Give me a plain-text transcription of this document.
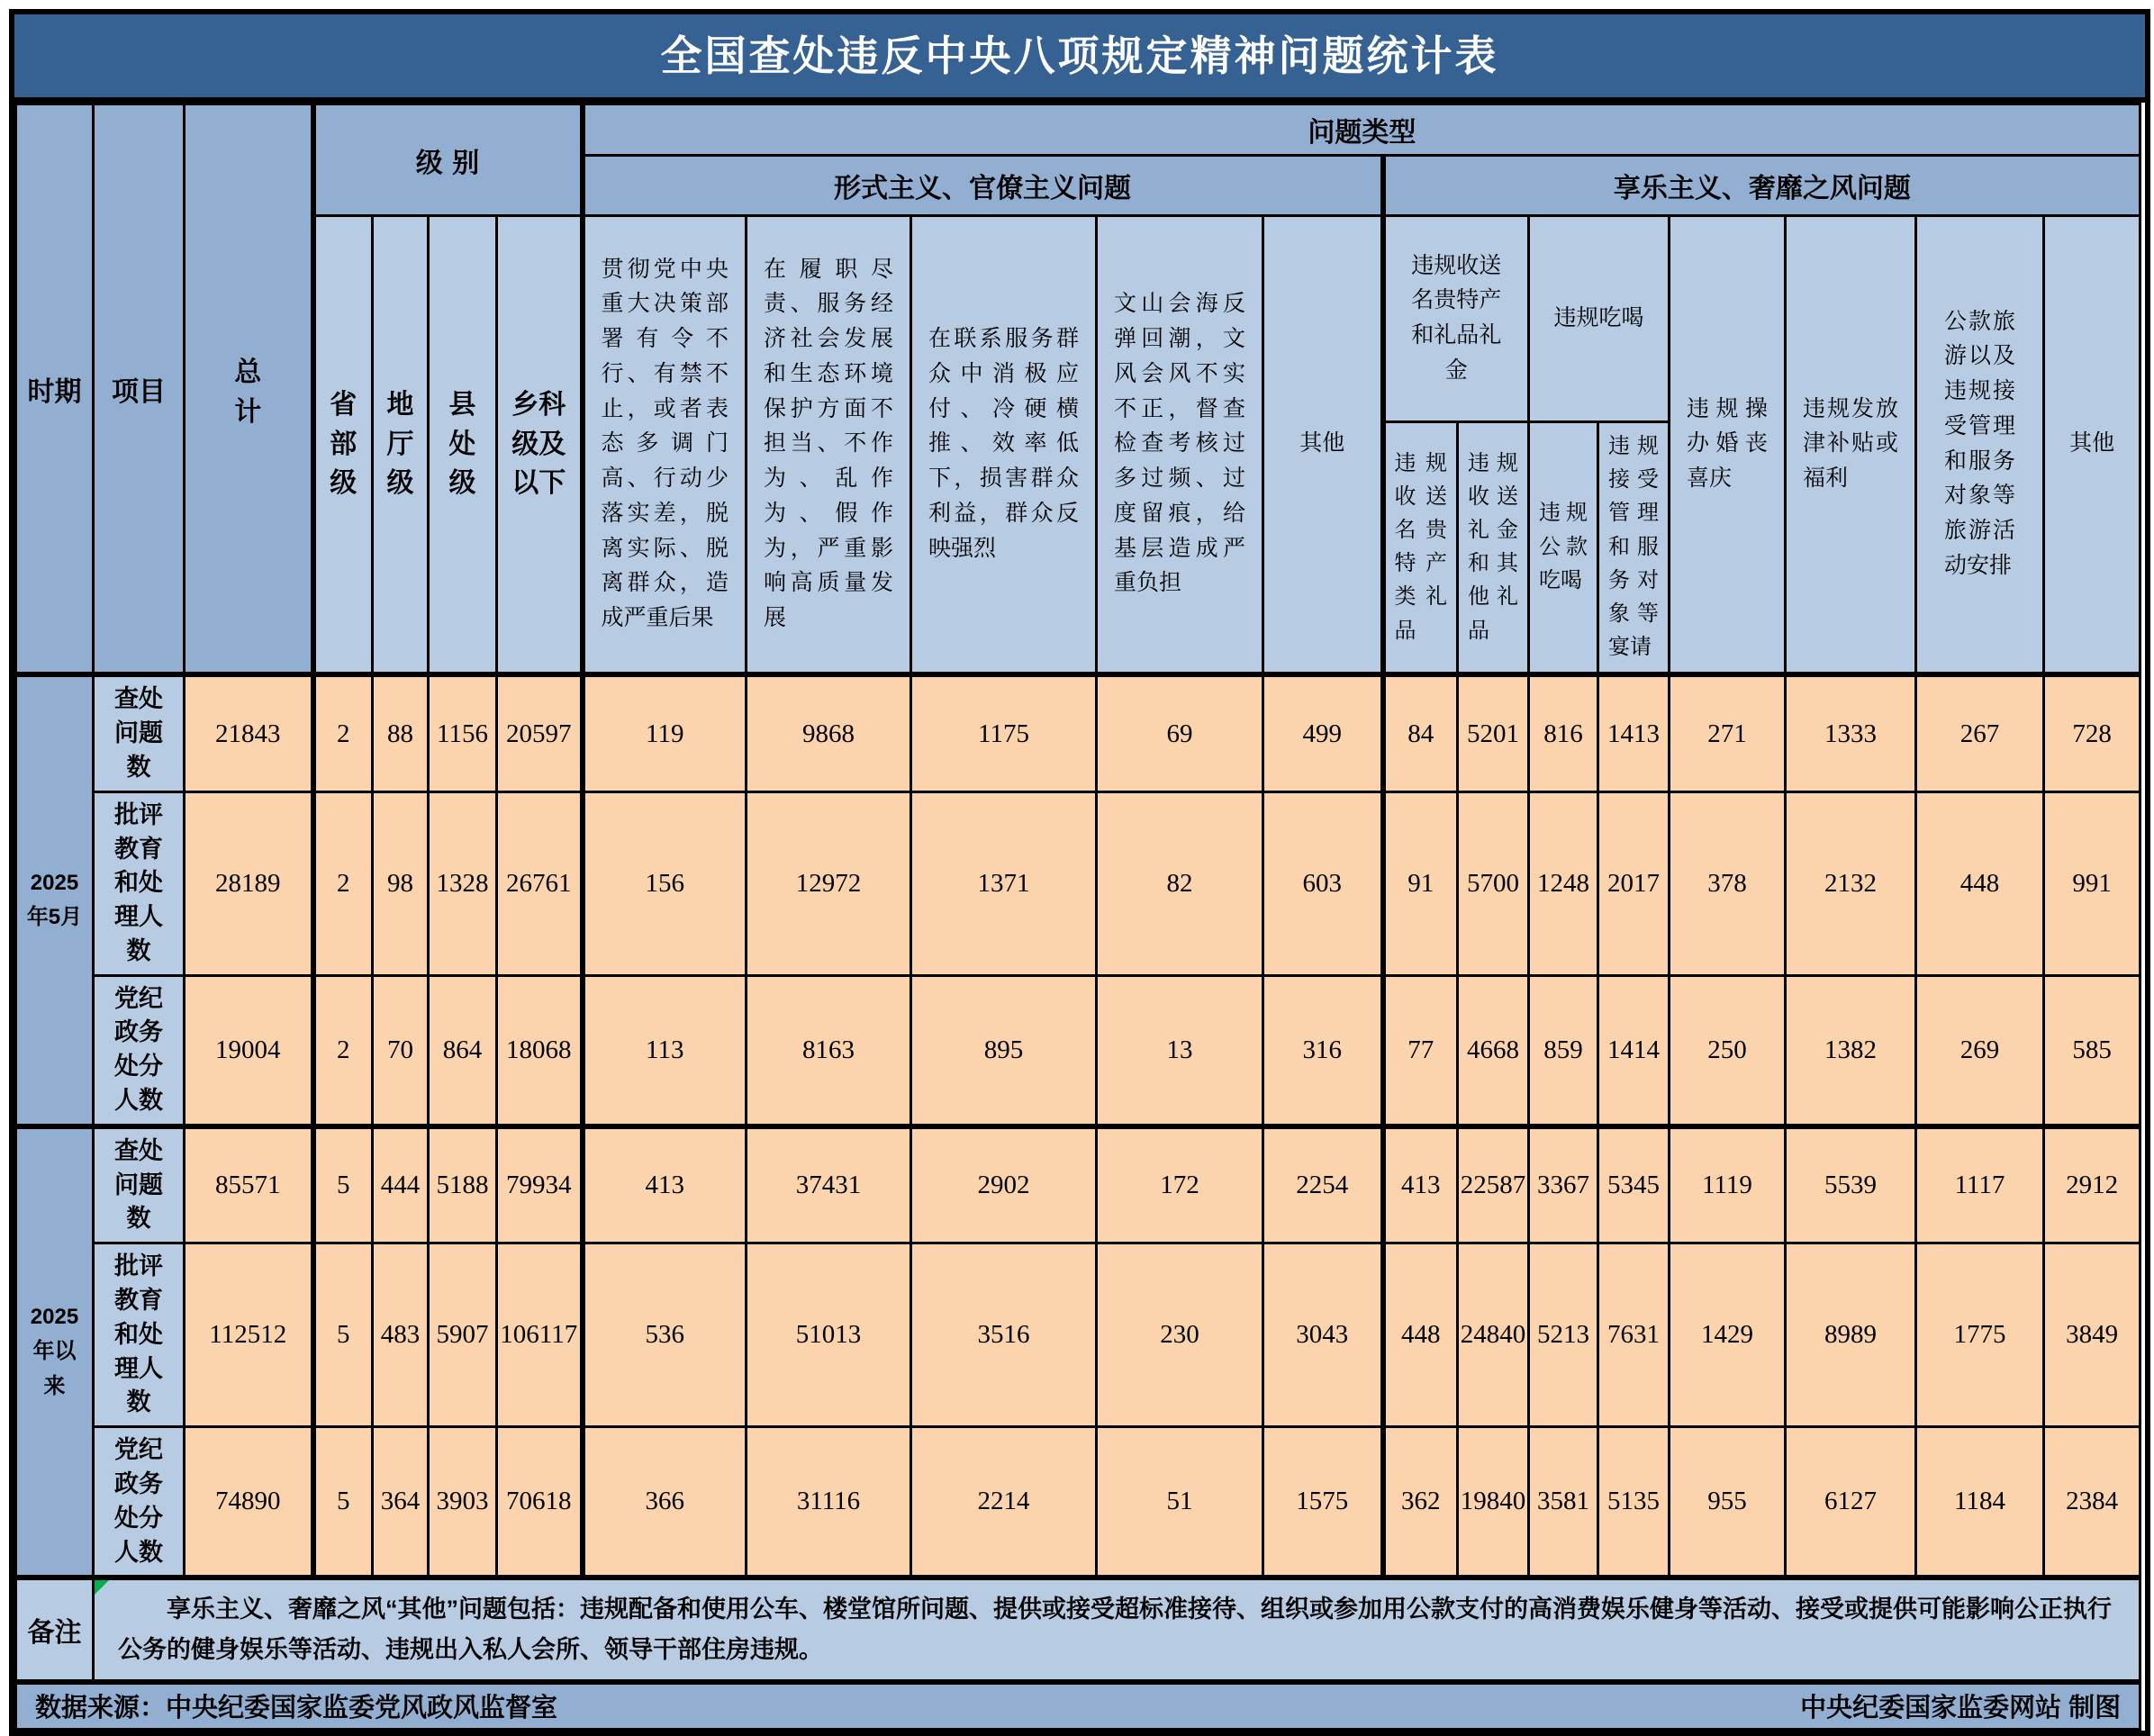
全国查处违反中央八项规定精神问题统计表
时期	项目	总计	级别				问题类型												
							形式主义、官僚主义问题					享乐主义、奢靡之风问题							
			省部级	地厅级	县处级	乡科级及以下	贯彻党中央重大决策部署有令不行、有禁不止，或者表态多调门高、行动少落实差，脱离实际、脱离群众，造成严重后果	在履职尽责、服务经济社会发展和生态环境保护方面不担当、不作为、乱作为、假作为，严重影响高质量发展	在联系服务群众中消极应付、冷硬横推、效率低下，损害群众利益，群众反映强烈	文山会海反弹回潮，文风会风不实不正，督查检查考核过多过频、过度留痕，给基层造成严重负担	其他	违规收送名贵特产和礼品礼金		违规吃喝		违规操办婚丧喜庆	违规发放津补贴或福利	公款旅游以及违规接受管理和服务对象等旅游活动安排	其他
												违规收送名贵特产类礼品	违规收送礼金和其他礼品	违规公款吃喝	违规接受管理和服务对象等宴请				
2025年5月	查处问题数	21843	2	88	1156	20597	119	9868	1175	69	499	84	5201	816	1413	271	1333	267	728
	批评教育和处理人数	28189	2	98	1328	26761	156	12972	1371	82	603	91	5700	1248	2017	378	2132	448	991
	党纪政务处分人数	19004	2	70	864	18068	113	8163	895	13	316	77	4668	859	1414	250	1382	269	585
2025年以来	查处问题数	85571	5	444	5188	79934	413	37431	2902	172	2254	413	22587	3367	5345	1119	5539	1117	2912
	批评教育和处理人数	112512	5	483	5907	106117	536	51013	3516	230	3043	448	24840	5213	7631	1429	8989	1775	3849
	党纪政务处分人数	74890	5	364	3903	70618	366	31116	2214	51	1575	362	19840	3581	5135	955	6127	1184	2384
备注	享乐主义、奢靡之风“其他”问题包括：违规配备和使用公车、楼堂馆所问题、提供或接受超标准接待、组织或参加用公款支付的高消费娱乐健身等活动、接受或提供可能影响公正执行公务的健身娱乐等活动、违规出入私人会所、领导干部住房违规。																		

数据来源：中央纪委国家监委党风政风监督室 中央纪委国家监委网站 制图																			
